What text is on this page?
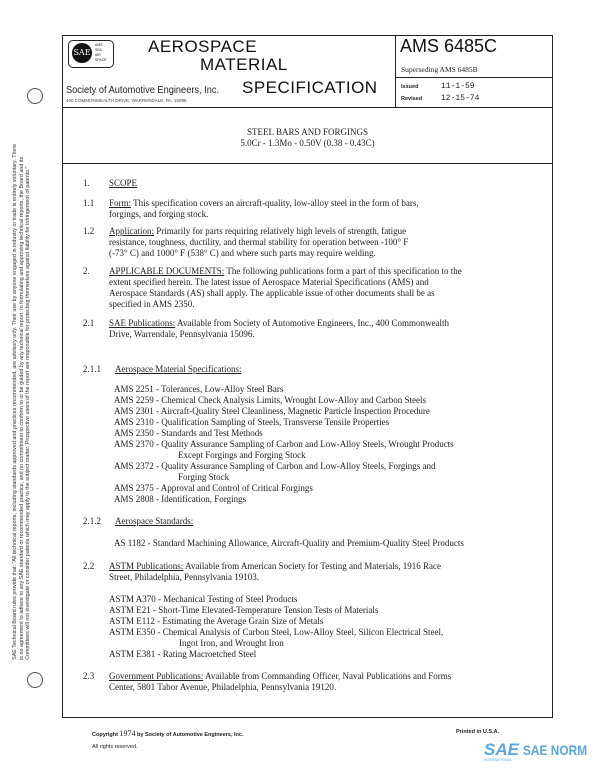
SAE Technical Board rules provide that: "All technical reports, including standards approved and practices recommended, are advisory only. Their use by anyone engaged in industry or trade is entirely voluntary. There is no agreement to adhere to any SAE standard or recommended practice, and no commitment to conform to or be guided by any technical report. In formulating and approving technical reports, the Board and its Committees will not investigate or consider patents which may apply to the subject matter. Prospective users of the report are responsible for protecting themselves against liability for infringement of patents."
SAE
AMS
SEA
AIR
SPACE
AEROSPACE
MATERIAL
SPECIFICATION
Society of Automotive Engineers, Inc.
400 COMMONWEALTH DRIVE, WARRENDALE, PA. 15096
AMS 6485C
Superseding AMS 6485B
Issued	11-1-59
Revised 12-15-74
STEEL BARS AND FORGINGS
5.0Cr - 1.3Mo - 0.50V (0.38 - 0.43C)
1. SCOPE
1.1 Form: This specification covers an aircraft-quality, low-alloy steel in the form of bars,
forgings, and forging stock.
1.2 Application: Primarily for parts requiring relatively high levels of strength, fatigue
resistance, toughness, ductility, and thermal stability for operation between -100° F
(-73° C) and 1000° F (538° C) and where such parts may require welding.
2. APPLICABLE DOCUMENTS: The following publications form a part of this specification to the
extent specified herein. The latest issue of Aerospace Material Specifications (AMS) and
Aerospace Standards (AS) shall apply. The applicable issue of other documents shall be as
specified in AMS 2350.
2.1 SAE Publications: Available from Society of Automotive Engineers, Inc., 400 Commonwealth
Drive, Warrendale, Pennsylvania 15096.
2.1.1 Aerospace Material Specifications:
AMS 2251 - Tolerances, Low-Alloy Steel Bars
AMS 2259 - Chemical Check Analysis Limits, Wrought Low-Alloy and Carbon Steels
AMS 2301 - Aircraft-Quality Steel Cleanliness, Magnetic Particle Inspection Procedure
AMS 2310 - Qualification Sampling of Steels, Transverse Tensile Properties
AMS 2350 - Standards and Test Methods
AMS 2370 - Quality Assurance Sampling of Carbon and Low-Alloy Steels, Wrought Products
Except Forgings and Forging Stock
AMS 2372 - Quality Assurance Sampling of Carbon and Low-Alloy Steels, Forgings and
Forging Stock
AMS 2375 - Approval and Control of Critical Forgings
AMS 2808 - Identification, Forgings
2.1.2 Aerospace Standards:
AS 1182 - Standard Machining Allowance, Aircraft-Quality and Premium-Quality Steel Products
2.2 ASTM Publications: Available from American Society for Testing and Materials, 1916 Race
Street, Philadelphia, Pennsylvania 19103.
ASTM A370 - Mechanical Testing of Steel Products
ASTM E21 - Short-Time Elevated-Temperature Tension Tests of Materials
ASTM E112 - Estimating the Average Grain Size of Metals
ASTM E350 - Chemical Analysis of Carbon Steel, Low-Alloy Steel, Silicon Electrical Steel,
Ingot Iron, and Wrought Iron
ASTM E381 - Rating Macroetched Steel
2.3 Government Publications: Available from Commanding Officer, Naval Publications and Forms
Center, 5801 Tabor Avenue, Philadelphia, Pennsylvania 19120.
Copyright 1974 by Society of Automotive Engineers, Inc.
All rights reserved.
Printed in U.S.A.
SAE SAE NORM
INTERNATIONAL
